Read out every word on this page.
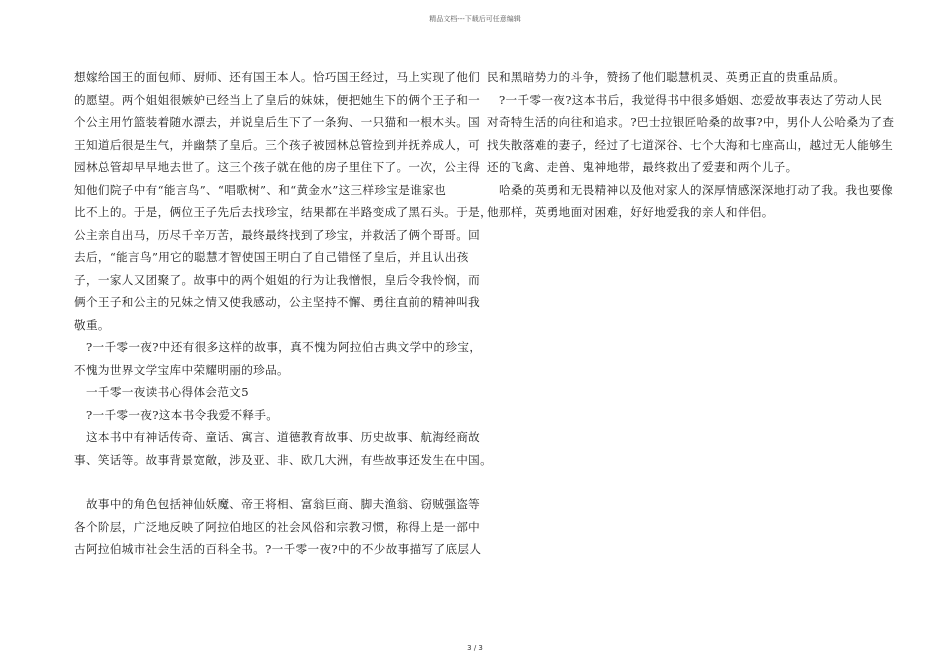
精品文档---下载后可任意编辑
想嫁给国王的面包师、厨师、还有国王本人。恰巧国王经过，马上实现了他们
的愿望。两个姐姐很嫉妒已经当上了皇后的妹妹，便把她生下的俩个王子和一
个公主用竹篮装着随水漂去，并说皇后生下了一条狗、一只猫和一根木头。国
王知道后很是生气，并幽禁了皇后。三个孩子被园林总管捡到并抚养成人，可
园林总管却早早地去世了。这三个孩子就在他的房子里住下了。一次，公主得
知他们院子中有“能言鸟”、“唱歌树”、和“黄金水”这三样珍宝是谁家也
比不上的。于是，俩位王子先后去找珍宝，结果都在半路变成了黑石头。于是，
公主亲自出马，历尽千辛万苦，最终最终找到了珍宝，并救活了俩个哥哥。回
去后，“能言鸟”用它的聪慧才智使国王明白了自己错怪了皇后，并且认出孩
子，一家人又团聚了。故事中的两个姐姐的行为让我憎恨，皇后令我怜悯，而
俩个王子和公主的兄妹之情又使我感动，公主坚持不懈、勇往直前的精神叫我
敬重。
　?一千零一夜?中还有很多这样的故事，真不愧为阿拉伯古典文学中的珍宝，
不愧为世界文学宝库中荣耀明丽的珍品。
　一千零一夜读书心得体会范文5
　?一千零一夜?这本书令我爱不释手。
　这本书中有神话传奇、童话、寓言、道德教育故事、历史故事、航海经商故
事、笑话等。故事背景宽敞，涉及亚、非、欧几大洲，有些故事还发生在中国。
　故事中的角色包括神仙妖魔、帝王将相、富翁巨商、脚夫渔翁、窃贼强盗等
各个阶层，广泛地反映了阿拉伯地区的社会风俗和宗教习惯，称得上是一部中
古阿拉伯城市社会生活的百科全书。?一千零一夜?中的不少故事描写了底层人
民和黑暗势力的斗争，赞扬了他们聪慧机灵、英勇正直的贵重品质。
　?一千零一夜?这本书后，我觉得书中很多婚姻、恋爱故事表达了劳动人民
对奇特生活的向往和追求。?巴士拉银匠哈桑的故事?中，男仆人公哈桑为了查
找失散落难的妻子，经过了七道深谷、七个大海和七座高山，越过无人能够生
还的飞禽、走兽、鬼神地带，最终救出了爱妻和两个儿子。
　哈桑的英勇和无畏精神以及他对家人的深厚情感深深地打动了我。我也要像
他那样，英勇地面对困难，好好地爱我的亲人和伴侣。
3 / 3
